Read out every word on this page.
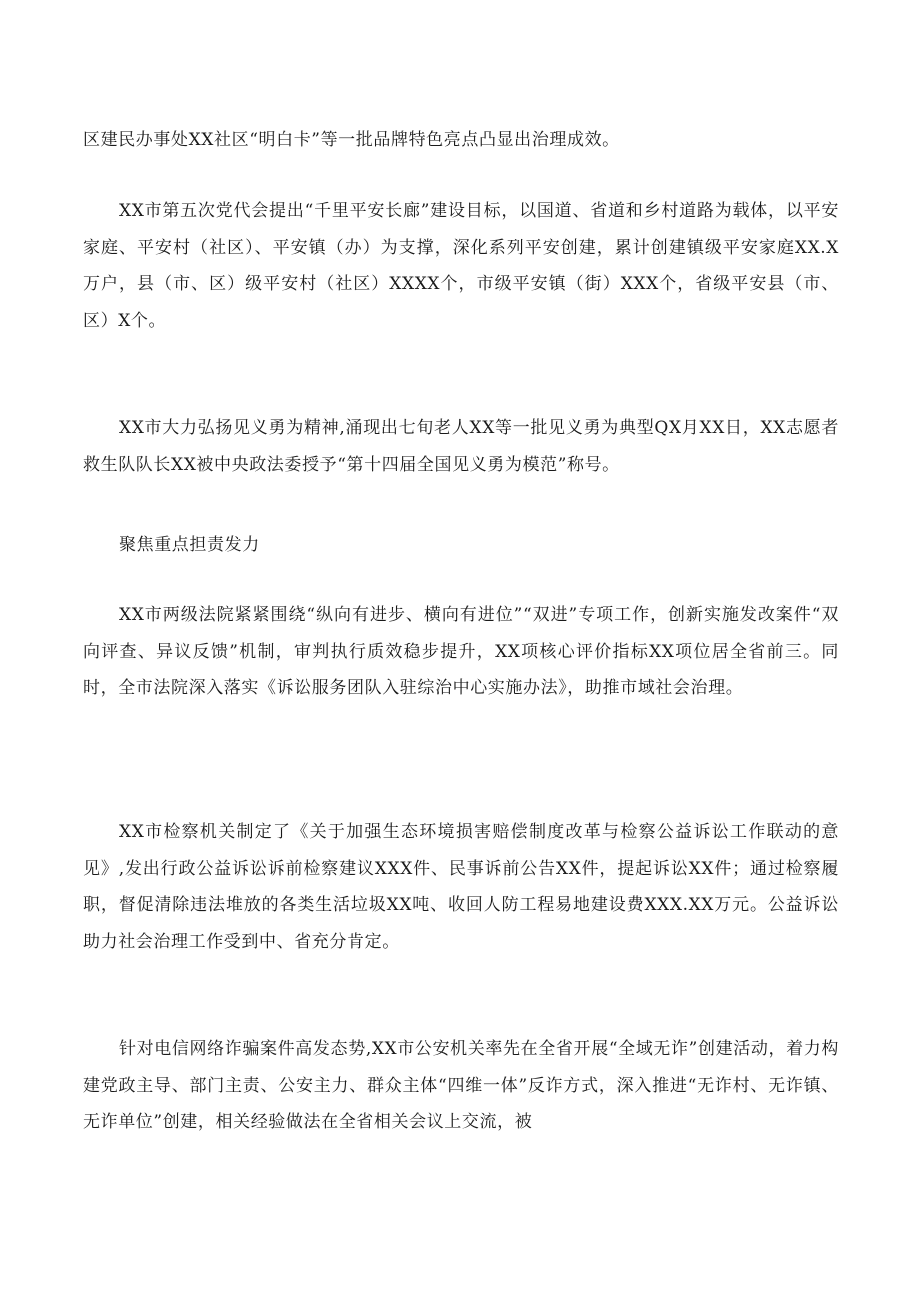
区建民办事处XX社区“明白卡”等一批品牌特色亮点凸显出治理成效。

XX市第五次党代会提出“千里平安长廊”建设目标，以国道、省道和乡村道路为载体，以平安家庭、平安村（社区）、平安镇（办）为支撑，深化系列平安创建，累计创建镇级平安家庭XX.X万户，县（市、区）级平安村（社区）XXXX个，市级平安镇（街）XXX个，省级平安县（市、区）X个。

XX市大力弘扬见义勇为精神,涌现出七旬老人XX等一批见义勇为典型QX月XX日，XX志愿者救生队队长XX被中央政法委授予“第十四届全国见义勇为模范”称号。

聚焦重点担责发力

XX市两级法院紧紧围绕“纵向有进步、横向有进位”“双进”专项工作，创新实施发改案件“双向评查、异议反馈”机制，审判执行质效稳步提升，XX项核心评价指标XX项位居全省前三。同时，全市法院深入落实《诉讼服务团队入驻综治中心实施办法》，助推市域社会治理。

XX市检察机关制定了《关于加强生态环境损害赔偿制度改革与检察公益诉讼工作联动的意见》,发出行政公益诉讼诉前检察建议XXX件、民事诉前公告XX件，提起诉讼XX件；通过检察履职，督促清除违法堆放的各类生活垃圾XX吨、收回人防工程易地建设费XXX.XX万元。公益诉讼助力社会治理工作受到中、省充分肯定。

针对电信网络诈骗案件高发态势,XX市公安机关率先在全省开展“全域无诈”创建活动，着力构建党政主导、部门主责、公安主力、群众主体“四维一体”反诈方式，深入推进“无诈村、无诈镇、无诈单位”创建，相关经验做法在全省相关会议上交流，被
